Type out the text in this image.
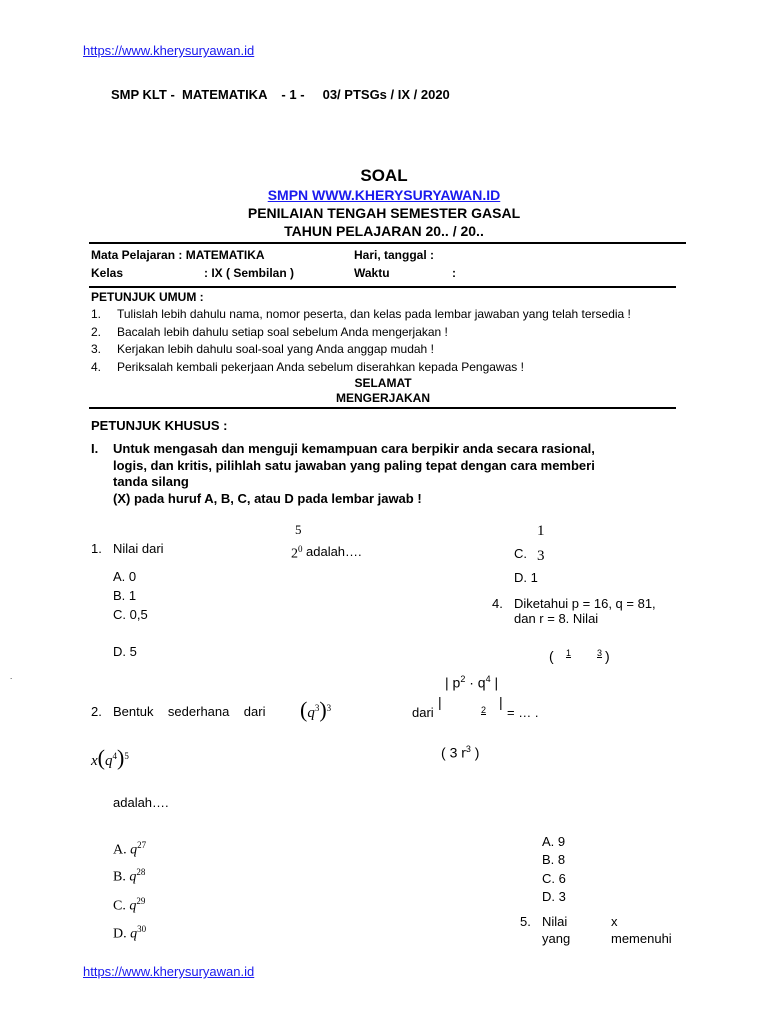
https://www.kherysuryawan.id
SMP KLT -  MATEMATIKA    - 1 -     03/ PTSGs / IX / 2020
SOAL
SMPN WWW.KHERYSURYAWAN.ID
PENILAIAN TENGAH SEMESTER GASAL
TAHUN PELAJARAN 20.. / 20..
Mata Pelajaran : MATEMATIKA	Hari, tanggal :
Kelas	: IX ( Sembilan )	Waktu	:
PETUNJUK UMUM :
1. Tulislah lebih dahulu nama, nomor peserta, dan kelas pada lembar jawaban yang telah tersedia !
2. Bacalah lebih dahulu setiap soal sebelum Anda mengerjakan !
3. Kerjakan lebih dahulu soal-soal yang Anda anggap mudah !
4. Periksalah kembali pekerjaan Anda sebelum diserahkan kepada Pengawas !
SELAMAT
MENGERJAKAN
PETUNJUK KHUSUS :
I. Untuk mengasah dan menguji kemampuan cara berpikir anda secara rasional,
logis, dan kritis, pilihlah satu jawaban yang paling tepat dengan cara memberi
tanda silang
(X) pada huruf A, B, C, atau D pada lembar jawab !
1. Nilai dari
5
$2^0$ adalah….
A. 0
B. 1
C. 0,5
D. 5
1
C. 3
D. 1
4. Diketahui p = 16, q = 81,
dan r = 8. Nilai
( 1	3 )
| $p^2 \cdot q^4$ |
dari
|	2 |
= … .
( 3 $r^3$ )
2. Bentuk    sederhana    dari $(q^3)^3$
$x(q^4)^5$
adalah….
A. $q^{27}$
B. $q^{28}$
C. $q^{29}$
D. $q^{30}$
A. 9
B. 8
C. 6
D. 3
5. Nilai	x
yang	memenuhi
.
https://www.kherysuryawan.id
